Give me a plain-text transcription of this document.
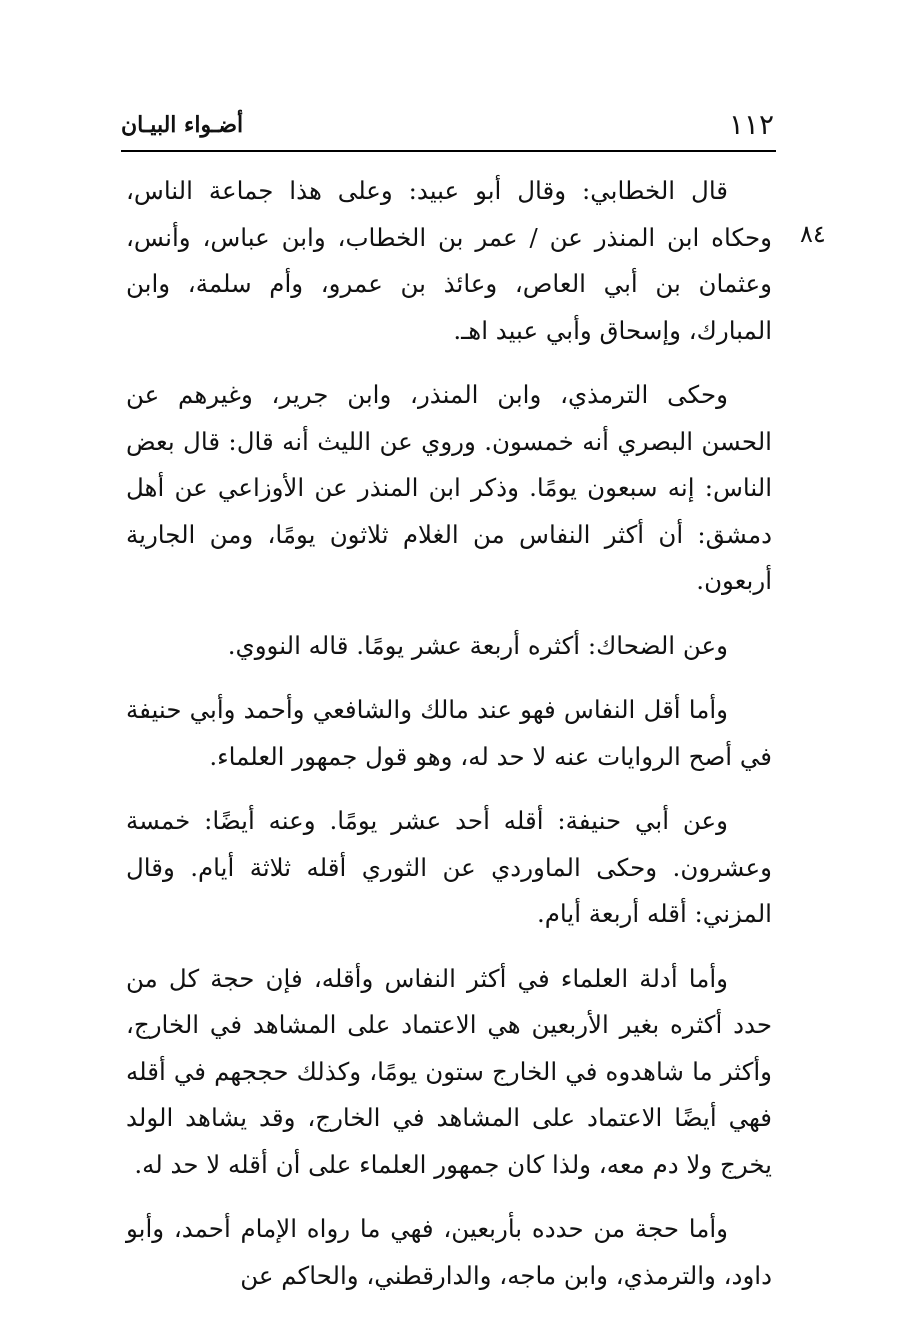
١١٢
أضـواء البيـان
٨٤

قال الخطابي: وقال أبو عبيد: وعلى هذا جماعة الناس، وحكاه ابن المنذر عن / عمر بن الخطاب، وابن عباس، وأنس، وعثمان بن أبي العاص، وعائذ بن عمرو، وأم سلمة، وابن المبارك، وإسحاق وأبي عبيد اهـ.

وحكى الترمذي، وابن المنذر، وابن جرير، وغيرهم عن الحسن البصري أنه خمسون. وروي عن الليث أنه قال: قال بعض الناس: إنه سبعون يومًا. وذكر ابن المنذر عن الأوزاعي عن أهل دمشق: أن أكثر النفاس من الغلام ثلاثون يومًا، ومن الجارية أربعون.

وعن الضحاك: أكثره أربعة عشر يومًا. قاله النووي.

وأما أقل النفاس فهو عند مالك والشافعي وأحمد وأبي حنيفة في أصح الروايات عنه لا حد له، وهو قول جمهور العلماء.

وعن أبي حنيفة: أقله أحد عشر يومًا. وعنه أيضًا: خمسة وعشرون. وحكى الماوردي عن الثوري أقله ثلاثة أيام. وقال المزني: أقله أربعة أيام.

وأما أدلة العلماء في أكثر النفاس وأقله، فإن حجة كل من حدد أكثره بغير الأربعين هي الاعتماد على المشاهد في الخارج، وأكثر ما شاهدوه في الخارج ستون يومًا، وكذلك حججهم في أقله فهي أيضًا الاعتماد على المشاهد في الخارج، وقد يشاهد الولد يخرج ولا دم معه، ولذا كان جمهور العلماء على أن أقله لا حد له.

وأما حجة من حدده بأربعين، فهي ما رواه الإمام أحمد، وأبو داود، والترمذي، وابن ماجه، والدارقطني، والحاكم عن
